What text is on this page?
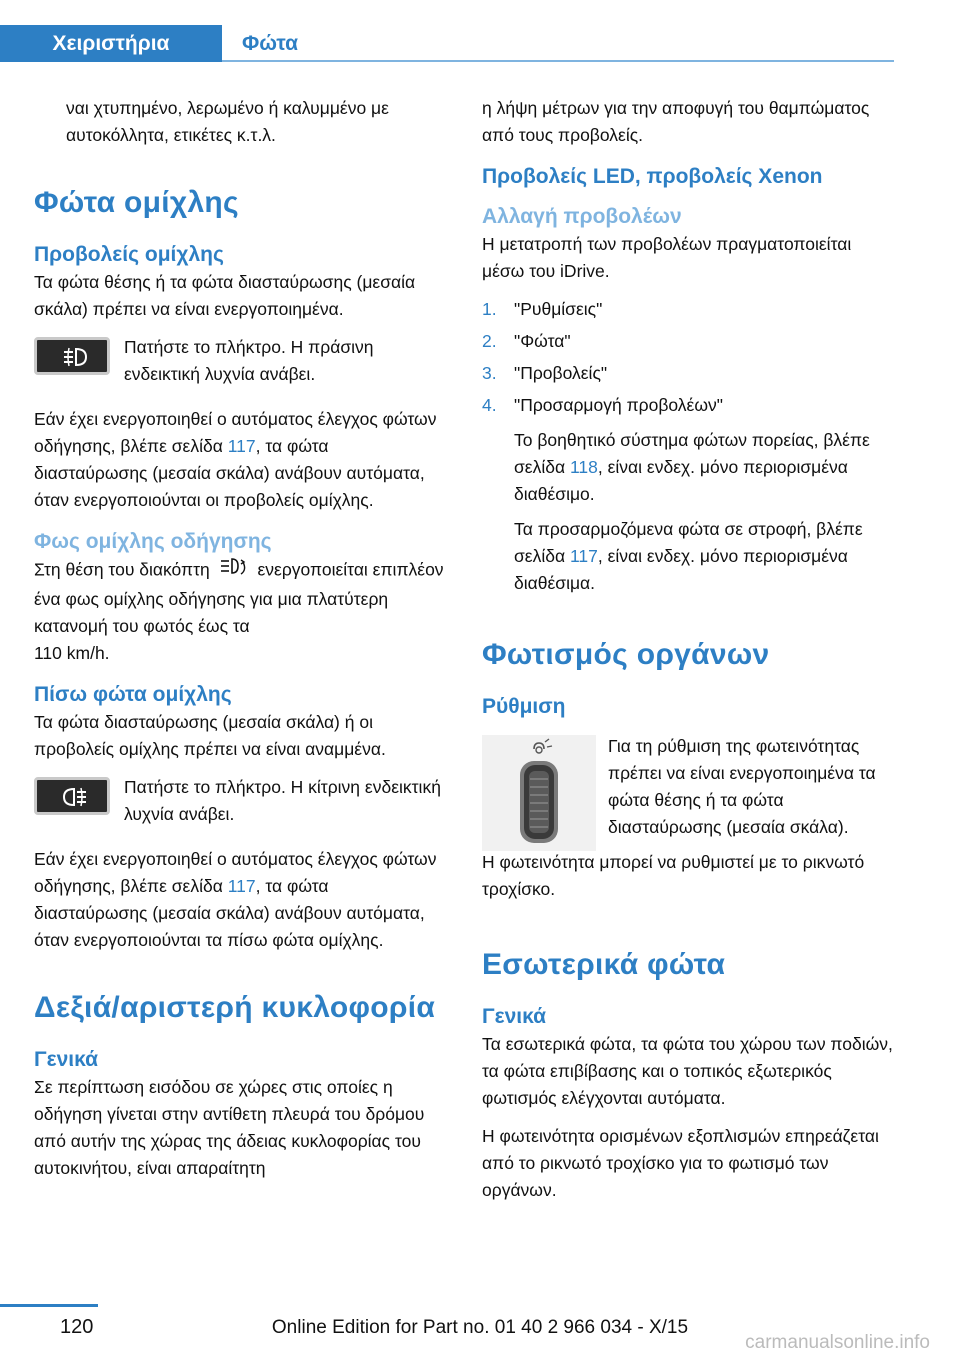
Χειριστήρια	Φώτα

ναι χτυπημένο, λερωμένο ή καλυμμένο με αυτοκόλλητα, ετικέτες κ.τ.λ.

Φώτα ομίχλης
Προβολείς ομίχλης

Τα φώτα θέσης ή τα φώτα διασταύρωσης (μεσαία σκάλα) πρέπει να είναι ενεργοποιημένα.

Πατήστε το πλήκτρο. Η πράσινη ενδεικτική λυχνία ανάβει.

Εάν έχει ενεργοποιηθεί ο αυτόματος έλεγχος φώτων οδήγησης, βλέπε σελίδα 117, τα φώτα διασταύρωσης (μεσαία σκάλα) ανάβουν αυτόματα, όταν ενεργοποιούνται οι προβολείς ομίχλης.

Φως ομίχλης οδήγησης

Στη θέση του διακόπτη  ενεργοποιείται επιπλέον ένα φως ομίχλης οδήγησης για μια πλατύτερη κατανομή του φωτός έως τα
110 km/h.

Πίσω φώτα ομίχλης

Τα φώτα διασταύρωσης (μεσαία σκάλα) ή οι προβολείς ομίχλης πρέπει να είναι αναμμένα.

Πατήστε το πλήκτρο. Η κίτρινη ενδεικτική λυχνία ανάβει.

Εάν έχει ενεργοποιηθεί ο αυτόματος έλεγχος φώτων οδήγησης, βλέπε σελίδα 117, τα φώτα διασταύρωσης (μεσαία σκάλα) ανάβουν αυτόματα, όταν ενεργοποιούνται τα πίσω φώτα ομίχλης.

Δεξιά/αριστερή κυκλοφορία
Γενικά

Σε περίπτωση εισόδου σε χώρες στις οποίες η οδήγηση γίνεται στην αντίθετη πλευρά του δρόμου από αυτήν της χώρας της άδειας κυκλοφορίας του αυτοκινήτου, είναι απαραίτητη

η λήψη μέτρων για την αποφυγή του θαμπώματος από τους προβολείς.

Προβολείς LED, προβολείς Xenon
Αλλαγή προβολέων

Η μετατροπή των προβολέων πραγματοποιείται μέσω του iDrive.

1. "Ρυθμίσεις"
2. "Φώτα"
3. "Προβολείς"
4. "Προσαρμογή προβολέων"
Το βοηθητικό σύστημα φώτων πορείας, βλέπε σελίδα 118, είναι ενδεχ. μόνο περιορισμένα διαθέσιμο.
Τα προσαρμοζόμενα φώτα σε στροφή, βλέπε σελίδα 117, είναι ενδεχ. μόνο περιορισμένα διαθέσιμα.
Φωτισμός οργάνων
Ρύθμιση

Για τη ρύθμιση της φωτεινότητας πρέπει να είναι ενεργοποιημένα τα φώτα θέσης ή τα φώτα διασταύρωσης (μεσαία σκάλα).

Η φωτεινότητα μπορεί να ρυθμιστεί με το ρικνωτό τροχίσκο.

Εσωτερικά φώτα
Γενικά

Τα εσωτερικά φώτα, τα φώτα του χώρου των ποδιών, τα φώτα επιβίβασης και ο τοπικός εξωτερικός φωτισμός ελέγχονται αυτόματα.

Η φωτεινότητα ορισμένων εξοπλισμών επηρεάζεται από το ρικνωτό τροχίσκο για το φωτισμό των οργάνων.

120	Online Edition for Part no. 01 40 2 966 034 - X/15
carmanualsonline.info
